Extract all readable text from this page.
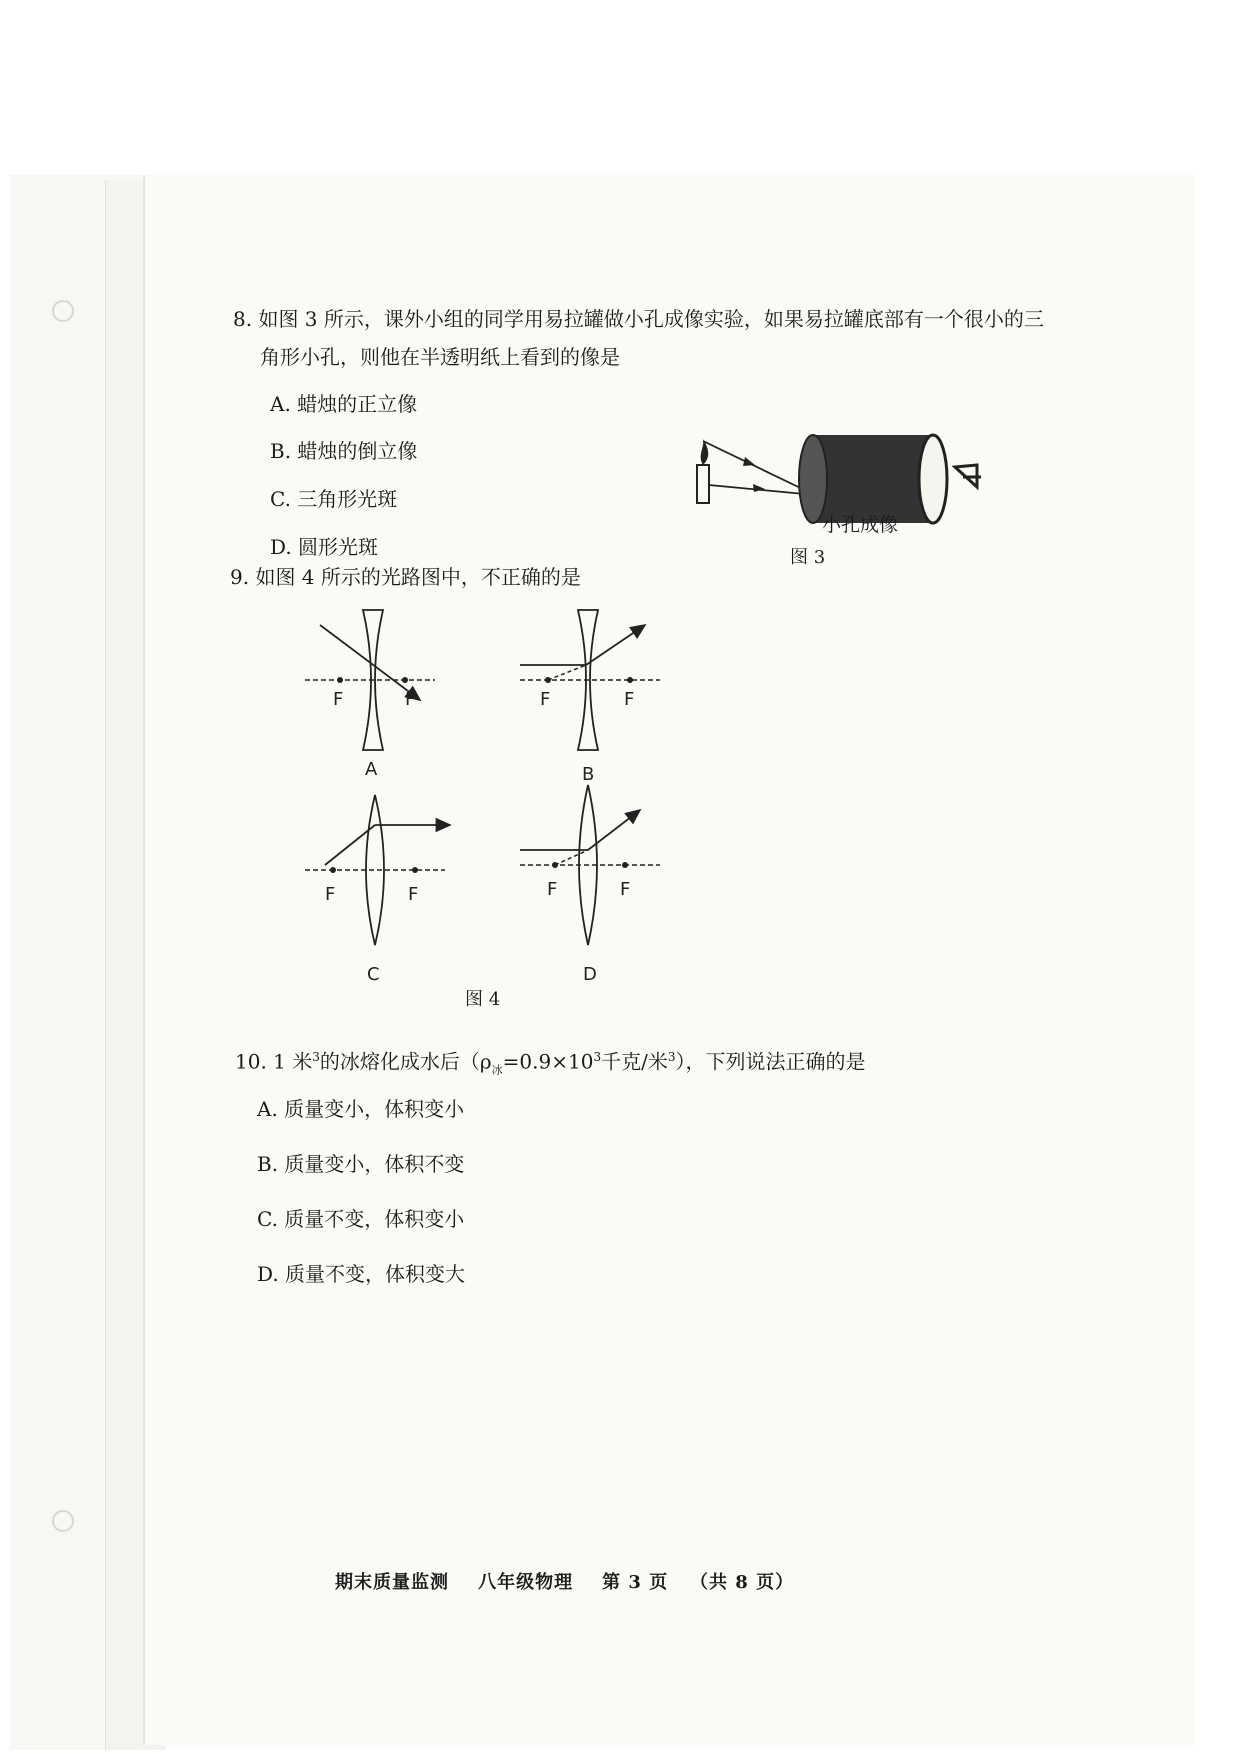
8. 如图 3 所示，课外小组的同学用易拉罐做小孔成像实验，如果易拉罐底部有一个很小的三
角形小孔，则他在半透明纸上看到的像是
A. 蜡烛的正立像
B. 蜡烛的倒立像
C. 三角形光斑
D. 圆形光斑
小孔成像
图 3
9. 如图 4 所示的光路图中，不正确的是
F	F
A
F	F
B
F	F
C
F	F
D
图 4
10. 1 米$^3$的冰熔化成水后（$\rho_冰=0.9\times 10^3$千克/米$^3$），下列说法正确的是
A. 质量变小，体积变小
B. 质量变小，体积不变
C. 质量不变，体积变小
D. 质量不变，体积变大
期末质量监测 八年级物理 第 3 页 （共 8 页）
